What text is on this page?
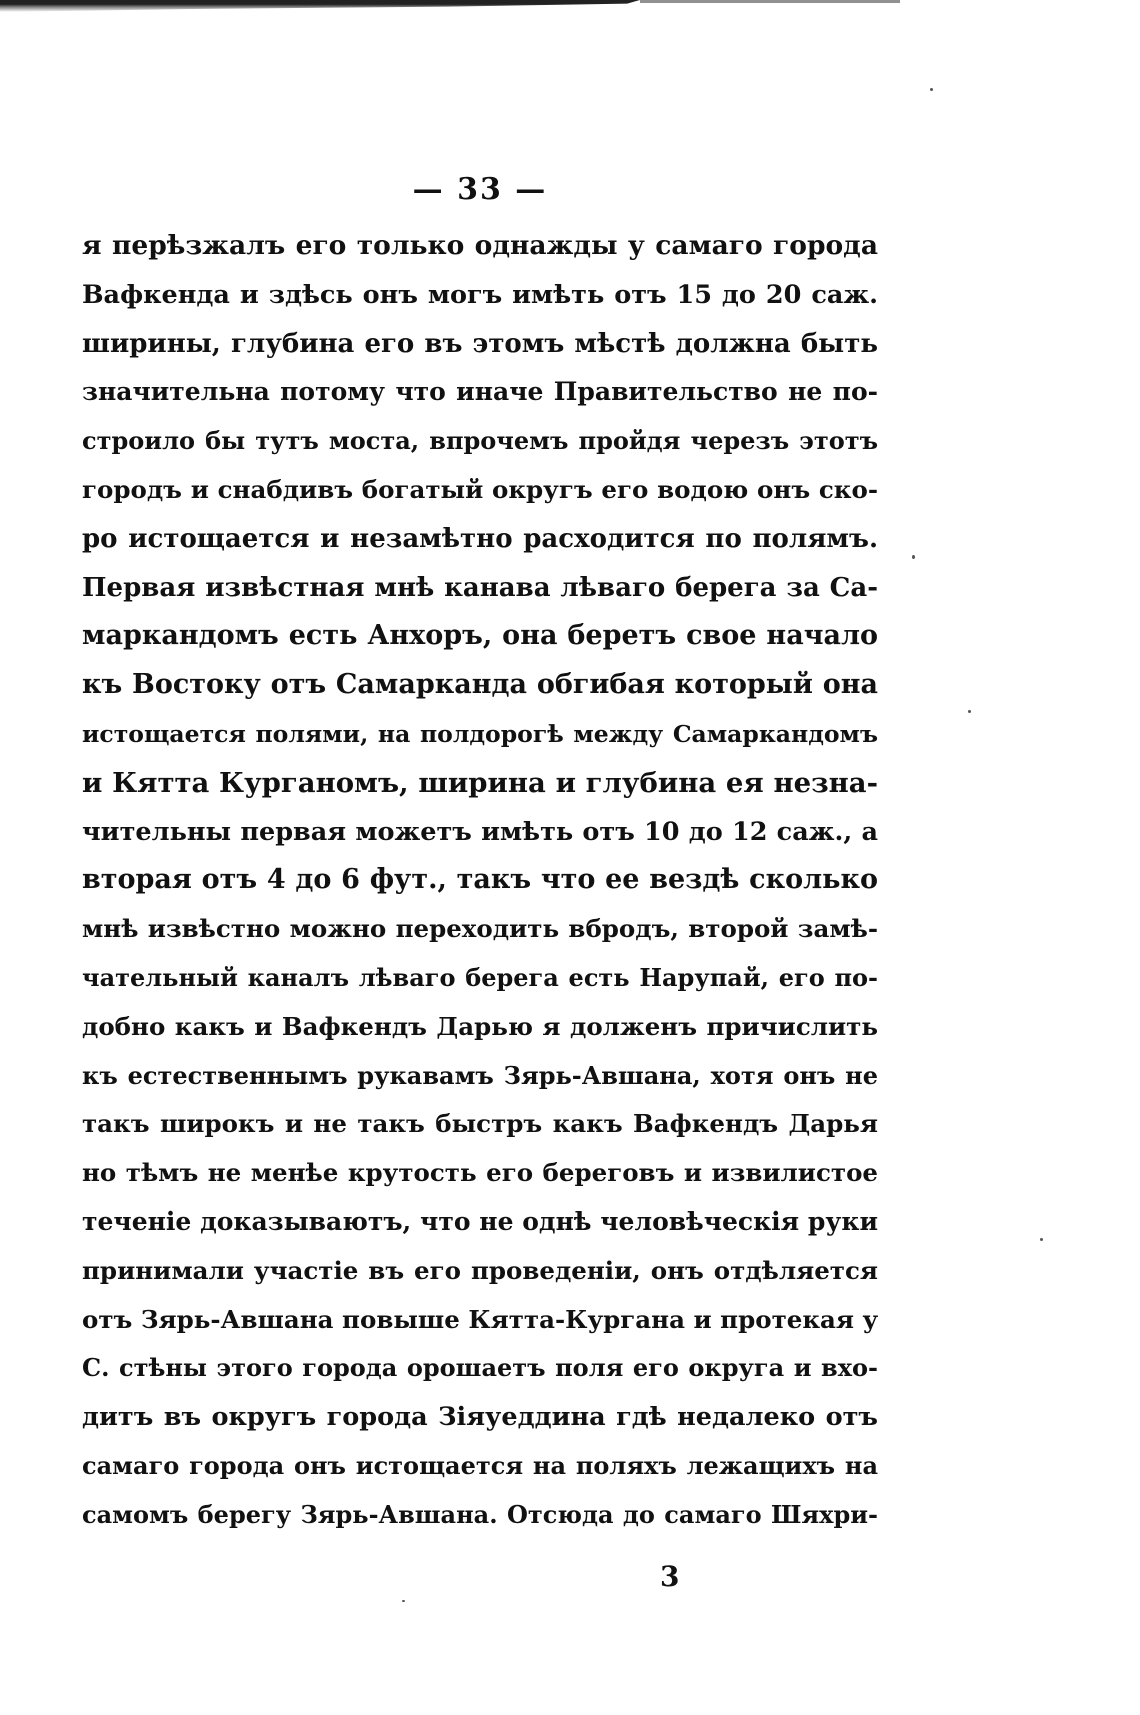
— 33 —
я перѣзжалъ его только однажды у самаго города
Вафкенда и здѣсь онъ могъ имѣть отъ 15 до 20 саж.
ширины, глубина его въ этомъ мѣстѣ должна быть
значительна потому что иначе Правительство не по-
строило бы тутъ моста, впрочемъ пройдя черезъ этотъ
городъ и снабдивъ богатый округъ его водою онъ ско-
ро истощается и незамѣтно расходится по полямъ.
Первая извѣстная мнѣ канава лѣваго берега за Са-
маркандомъ есть Анхоръ, она беретъ свое начало
къ Востоку отъ Самарканда обгибая который она
истощается полями, на полдорогѣ между Самаркандомъ
и Кятта Курганомъ, ширина и глубина ея незна-
чительны первая можетъ имѣть отъ 10 до 12 саж., а
вторая отъ 4 до 6 фут., такъ что ее вездѣ сколько
мнѣ извѣстно можно переходить вбродъ, второй замѣ-
чательный каналъ лѣваго берега есть Нарупай, его по-
добно какъ и Вафкендъ Дарью я долженъ причислить
къ естественнымъ рукавамъ Зярь-Авшана, хотя онъ не
такъ широкъ и не такъ быстръ какъ Вафкендъ Дарья
но тѣмъ не менѣе крутость его береговъ и извилистое
теченіе доказываютъ, что не однѣ человѣческія руки
принимали участіе въ его проведеніи, онъ отдѣляется
отъ Зярь-Авшана повыше Кятта-Кургана и протекая у
С. стѣны этого города орошаетъ поля его округа и вхо-
дитъ въ округъ города Зіяуеддина гдѣ недалеко отъ
самаго города онъ истощается на поляхъ лежащихъ на
самомъ берегу Зярь-Авшана. Отсюда до самаго Шяхри-
3
